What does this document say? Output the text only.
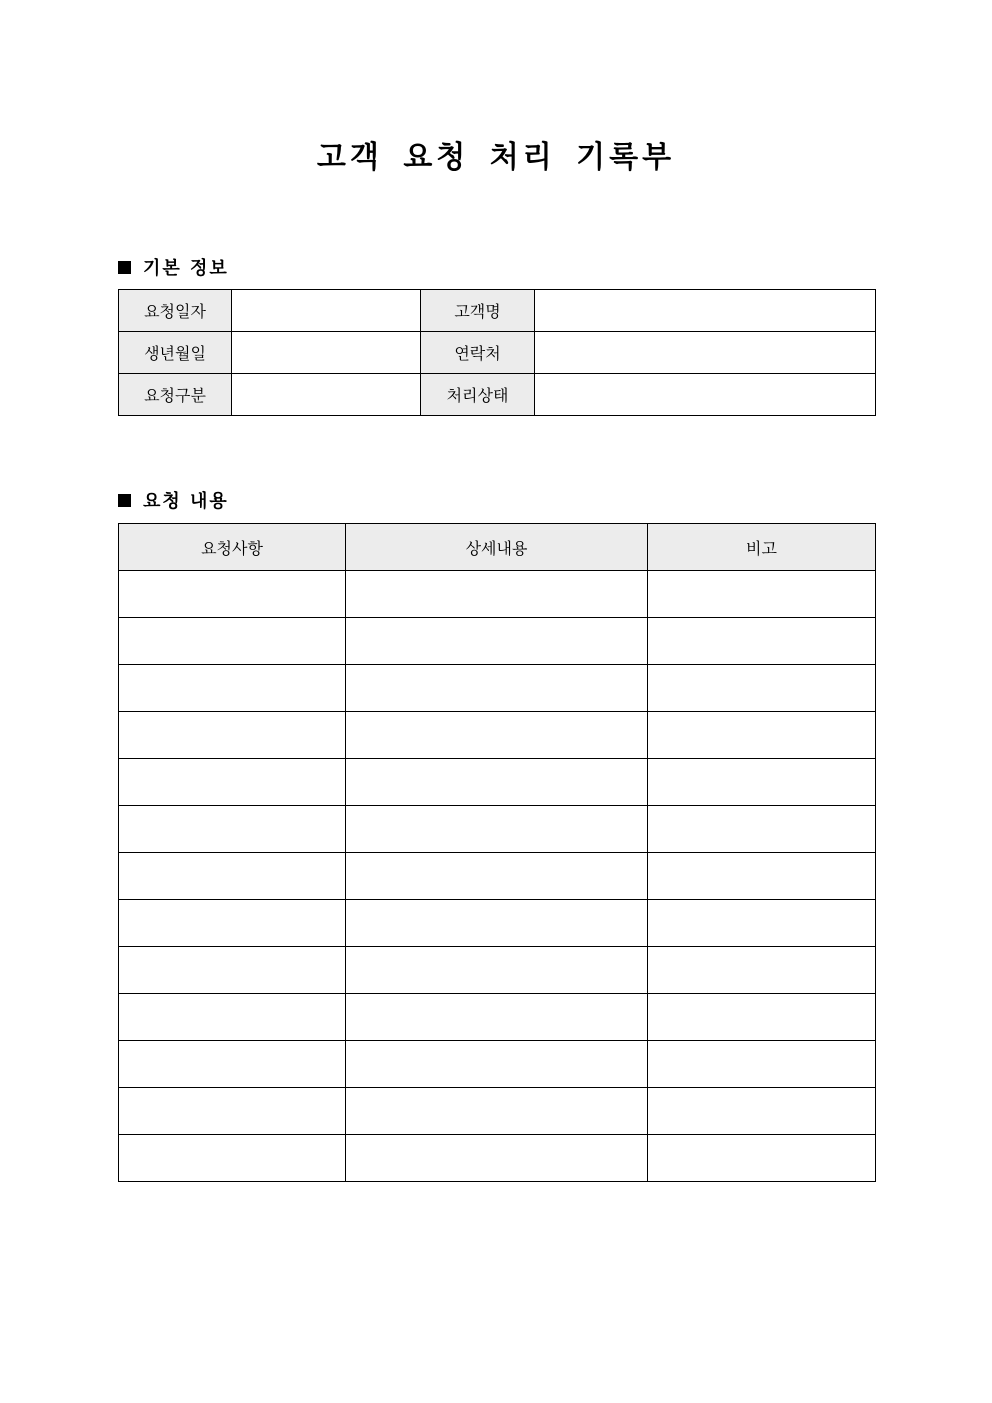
고객 요청 처리 기록부
기본 정보
요청일자		고객명	
생년월일		연락처	
요청구분		처리상태	
요청 내용
요청사항	상세내용	비고
